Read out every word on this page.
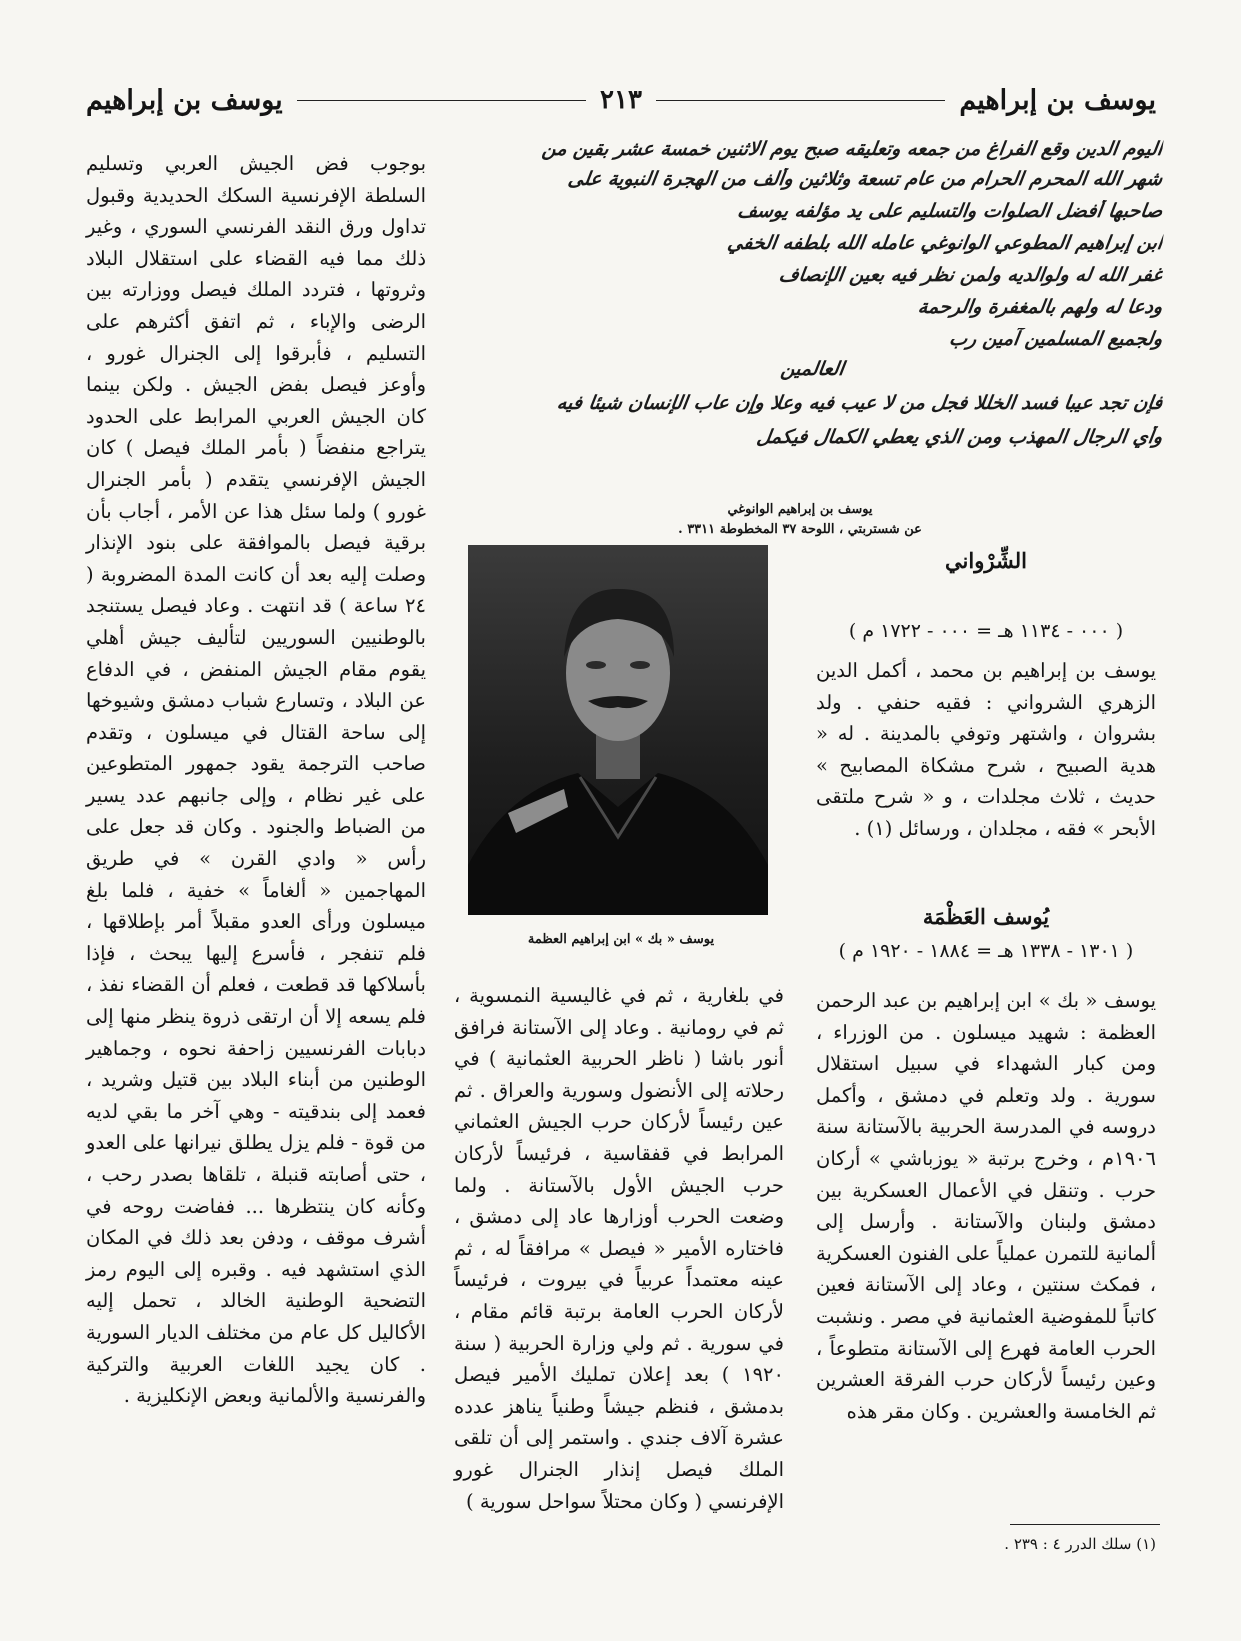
يوسف بن إبراهيم
٢١٣
يوسف بن إبراهيم
اليوم الدين وقع الفراغ من جمعه وتعليقه صبح يوم الاثنين خمسة عشر بقين من
شهر الله المحرم الحرام من عام تسعة وثلاثين وألف من الهجرة النبوية على
صاحبها أفضل الصلوات والتسليم على يد مؤلفه يوسف
ابن إبراهيم المطوعي الوانوغي عامله الله بلطفه الخفي
غفر الله له ولوالديه ولمن نظر فيه بعين الإنصاف
ودعا له ولهم بالمغفرة والرحمة
ولجميع المسلمين آمين رب
العالمين
فإن تجد عيبا فسد الخللا فجل من لا عيب فيه وعلا وإن عاب الإنسان شيئا فيه
وأي الرجال المهذب ومن الذي يعطي الكمال فيكمل
يوسف بن إبراهيم الوانوغي
عن شستربتي ، اللوحة ٣٧ المخطوطة ٣٣١١ .
يوسف « بك » ابن إبراهيم العظمة
الشِّرْواني
( ٠٠٠ - ١١٣٤ هـ = ٠٠٠ - ١٧٢٢ م )

يوسف بن إبراهيم بن محمد ، أكمل الدين الزهري الشرواني : فقيه حنفي . ولد بشروان ، واشتهر وتوفي بالمدينة . له « هدية الصبيح ، شرح مشكاة المصابيح » حديث ، ثلاث مجلدات ، و « شرح ملتقى الأبحر » فقه ، مجلدان ، ورسائل (١) .

يُوسف العَظْمَة
( ١٣٠١ - ١٣٣٨ هـ = ١٨٨٤ - ١٩٢٠ م )

يوسف « بك » ابن إبراهيم بن عبد الرحمن العظمة : شهيد ميسلون . من الوزراء ، ومن كبار الشهداء في سبيل استقلال سورية . ولد وتعلم في دمشق ، وأكمل دروسه في المدرسة الحربية بالآستانة سنة ١٩٠٦م ، وخرج برتبة « يوزباشي » أركان حرب . وتنقل في الأعمال العسكرية بين دمشق ولبنان والآستانة . وأرسل إلى ألمانية للتمرن عملياً على الفنون العسكرية ، فمكث سنتين ، وعاد إلى الآستانة فعين كاتباً للمفوضية العثمانية في مصر . ونشبت الحرب العامة فهرع إلى الآستانة متطوعاً ، وعين رئيساً لأركان حرب الفرقة العشرين ثم الخامسة والعشرين . وكان مقر هذه

في بلغارية ، ثم في غاليسية النمسوية ، ثم في رومانية . وعاد إلى الآستانة فرافق أنور باشا ( ناظر الحربية العثمانية ) في رحلاته إلى الأنضول وسورية والعراق . ثم عين رئيساً لأركان حرب الجيش العثماني المرابط في قفقاسية ، فرئيساً لأركان حرب الجيش الأول بالآستانة . ولما وضعت الحرب أوزارها عاد إلى دمشق ، فاختاره الأمير « فيصل » مرافقاً له ، ثم عينه معتمداً عربياً في بيروت ، فرئيساً لأركان الحرب العامة برتبة قائم مقام ، في سورية . ثم ولي وزارة الحربية ( سنة ١٩٢٠ ) بعد إعلان تمليك الأمير فيصل بدمشق ، فنظم جيشاً وطنياً يناهز عدده عشرة آلاف جندي . واستمر إلى أن تلقى الملك فيصل إنذار الجنرال غورو الإفرنسي ( وكان محتلاً سواحل سورية )

بوجوب فض الجيش العربي وتسليم السلطة الإفرنسية السكك الحديدية وقبول تداول ورق النقد الفرنسي السوري ، وغير ذلك مما فيه القضاء على استقلال البلاد وثروتها ، فتردد الملك فيصل ووزارته بين الرضى والإباء ، ثم اتفق أكثرهم على التسليم ، فأبرقوا إلى الجنرال غورو ، وأوعز فيصل بفض الجيش . ولكن بينما كان الجيش العربي المرابط على الحدود يتراجع منفضاً ( بأمر الملك فيصل ) كان الجيش الإفرنسي يتقدم ( بأمر الجنرال غورو ) ولما سئل هذا عن الأمر ، أجاب بأن برقية فيصل بالموافقة على بنود الإنذار وصلت إليه بعد أن كانت المدة المضروبة ( ٢٤ ساعة ) قد انتهت . وعاد فيصل يستنجد بالوطنيين السوريين لتأليف جيش أهلي يقوم مقام الجيش المنفض ، في الدفاع عن البلاد ، وتسارع شباب دمشق وشيوخها إلى ساحة القتال في ميسلون ، وتقدم صاحب الترجمة يقود جمهور المتطوعين على غير نظام ، وإلى جانبهم عدد يسير من الضباط والجنود . وكان قد جعل على رأس « وادي القرن » في طريق المهاجمين « ألغاماً » خفية ، فلما بلغ ميسلون ورأى العدو مقبلاً أمر بإطلاقها ، فلم تنفجر ، فأسرع إليها يبحث ، فإذا بأسلاكها قد قطعت ، فعلم أن القضاء نفذ ، فلم يسعه إلا أن ارتقى ذروة ينظر منها إلى دبابات الفرنسيين زاحفة نحوه ، وجماهير الوطنين من أبناء البلاد بين قتيل وشريد ، فعمد إلى بندقيته - وهي آخر ما بقي لديه من قوة - فلم يزل يطلق نيرانها على العدو ، حتى أصابته قنبلة ، تلقاها بصدر رحب ، وكأنه كان ينتظرها ... ففاضت روحه في أشرف موقف ، ودفن بعد ذلك في المكان الذي استشهد فيه . وقبره إلى اليوم رمز التضحية الوطنية الخالد ، تحمل إليه الأكاليل كل عام من مختلف الديار السورية . كان يجيد اللغات العربية والتركية والفرنسية والألمانية وبعض الإنكليزية .

(١) سلك الدرر ٤ : ٢٣٩ .
